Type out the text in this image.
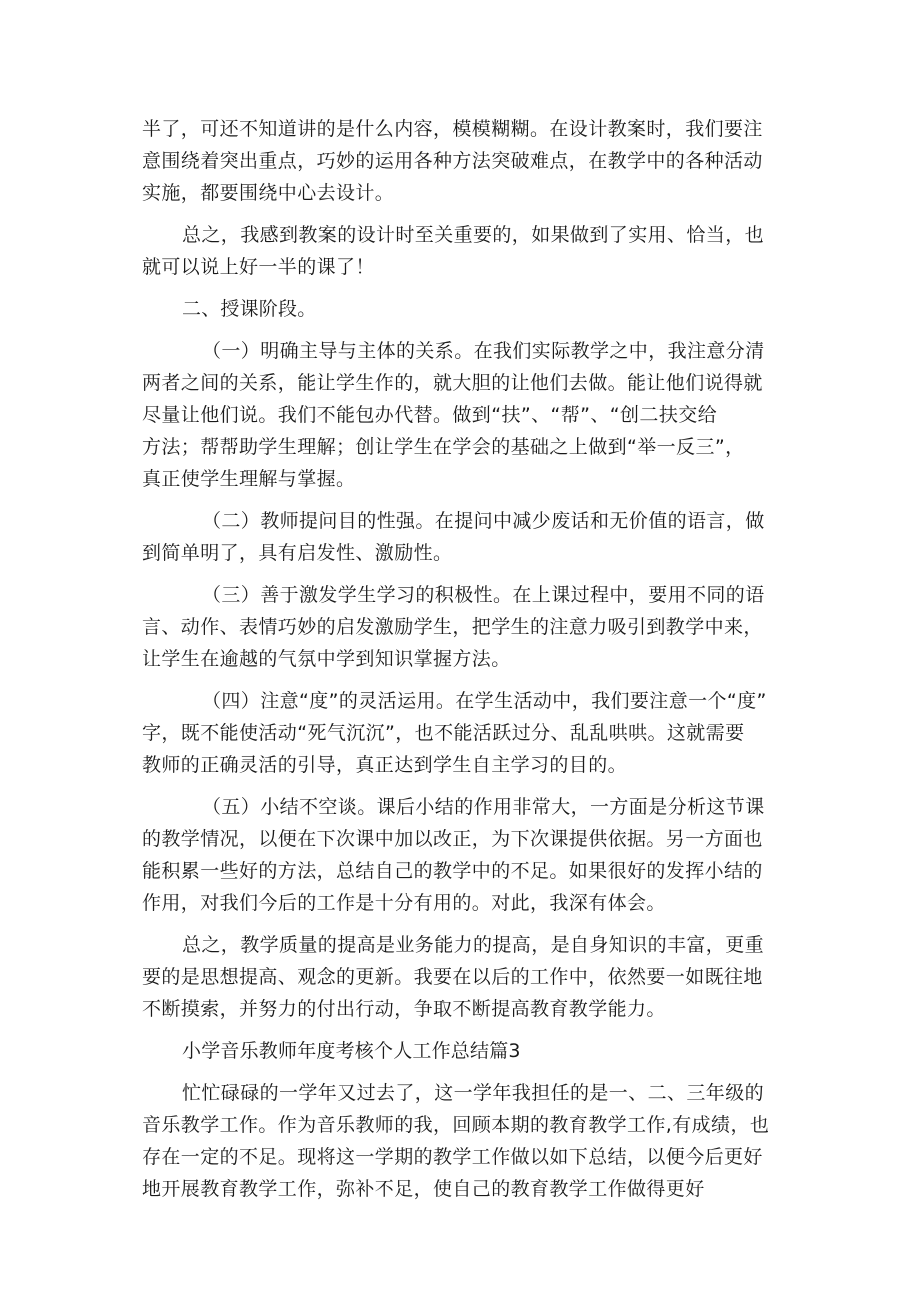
半了，可还不知道讲的是什么内容，模模糊糊。在设计教案时，我们要注
意围绕着突出重点，巧妙的运用各种方法突破难点，在教学中的各种活动
实施，都要围绕中心去设计。
总之，我感到教案的设计时至关重要的，如果做到了实用、恰当，也
就可以说上好一半的课了！
二、授课阶段。
（一）明确主导与主体的关系。在我们实际教学之中，我注意分清
两者之间的关系，能让学生作的，就大胆的让他们去做。能让他们说得就
尽量让他们说。我们不能包办代替。做到“扶”、“帮”、“创二扶交给
方法；帮帮助学生理解；创让学生在学会的基础之上做到“举一反三”，
真正使学生理解与掌握。
（二）教师提问目的性强。在提问中减少废话和无价值的语言，做
到简单明了，具有启发性、激励性。
（三）善于激发学生学习的积极性。在上课过程中，要用不同的语
言、动作、表情巧妙的启发激励学生，把学生的注意力吸引到教学中来，
让学生在逾越的气氛中学到知识掌握方法。
（四）注意“度”的灵活运用。在学生活动中，我们要注意一个“度”
字，既不能使活动“死气沉沉”，也不能活跃过分、乱乱哄哄。这就需要
教师的正确灵活的引导，真正达到学生自主学习的目的。
（五）小结不空谈。课后小结的作用非常大，一方面是分析这节课
的教学情况，以便在下次课中加以改正，为下次课提供依据。另一方面也
能积累一些好的方法，总结自己的教学中的不足。如果很好的发挥小结的
作用，对我们今后的工作是十分有用的。对此，我深有体会。
总之，教学质量的提高是业务能力的提高，是自身知识的丰富，更重
要的是思想提高、观念的更新。我要在以后的工作中，依然要一如既往地
不断摸索，并努力的付出行动，争取不断提高教育教学能力。
小学音乐教师年度考核个人工作总结篇3
忙忙碌碌的一学年又过去了，这一学年我担任的是一、二、三年级的
音乐教学工作。作为音乐教师的我，回顾本期的教育教学工作,有成绩，也
存在一定的不足。现将这一学期的教学工作做以如下总结，以便今后更好
地开展教育教学工作，弥补不足，使自己的教育教学工作做得更好
